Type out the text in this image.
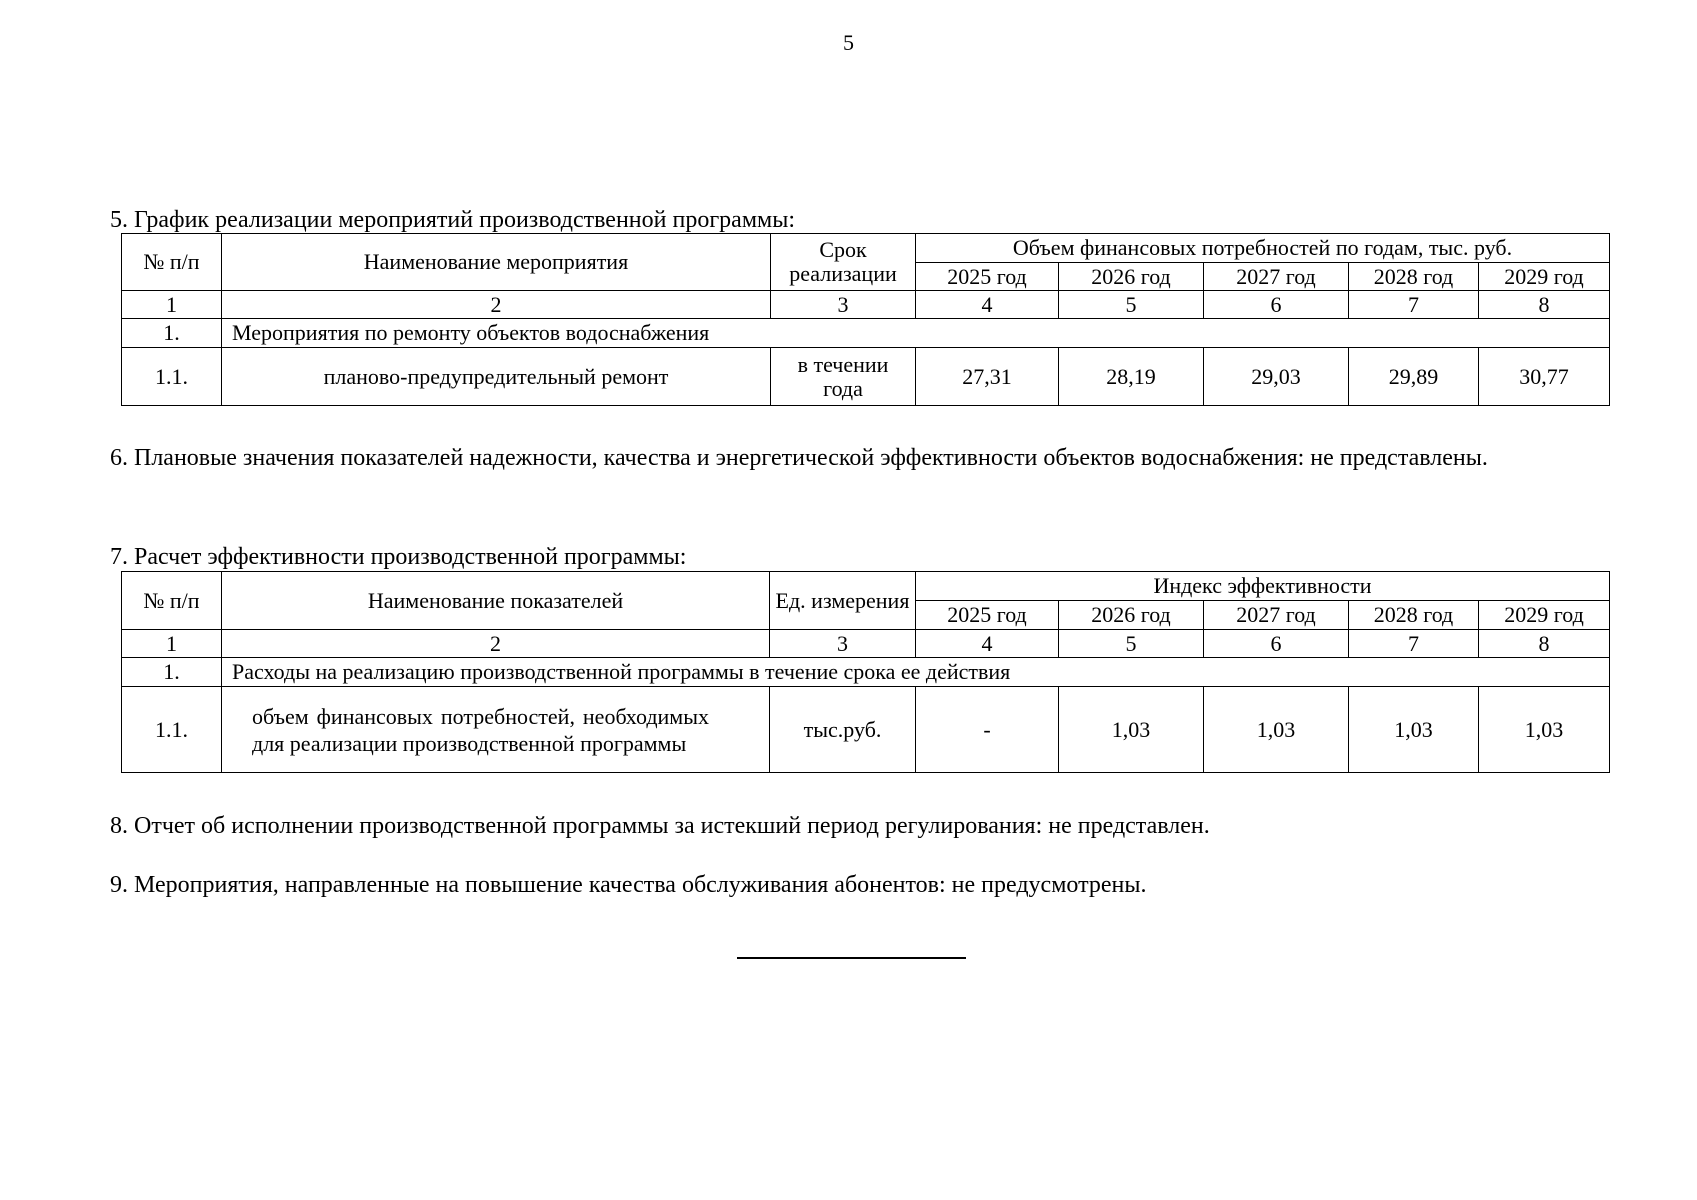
5
5. График реализации мероприятий производственной программы:
№ п/п	Наименование мероприятия	Срок реализации	Объем финансовых потребностей по годам, тыс. руб.				
			2025 год	2026 год	2027 год	2028 год	2029 год
1	2	3	4	5	6	7	8
1.	Мероприятия по ремонту объектов водоснабжения						
1.1.	планово-предупредительный ремонт	в течении года	27,31	28,19	29,03	29,89	30,77
6. Плановые значения показателей надежности, качества и энергетической эффективности объектов водоснабжения: не представлены.
7. Расчет эффективности производственной программы:
№ п/п	Наименование показателей	Ед. измерения	Индекс эффективности				
			2025 год	2026 год	2027 год	2028 год	2029 год
1	2	3	4	5	6	7	8
1.	Расходы на реализацию производственной программы в течение срока ее действия						
1.1.	объем финансовых потребностей, необходимых для реализации производственной программы	тыс.руб.	-	1,03	1,03	1,03	1,03
8. Отчет об исполнении производственной программы за истекший период регулирования: не представлен.
9. Мероприятия, направленные на повышение качества обслуживания абонентов: не предусмотрены.
